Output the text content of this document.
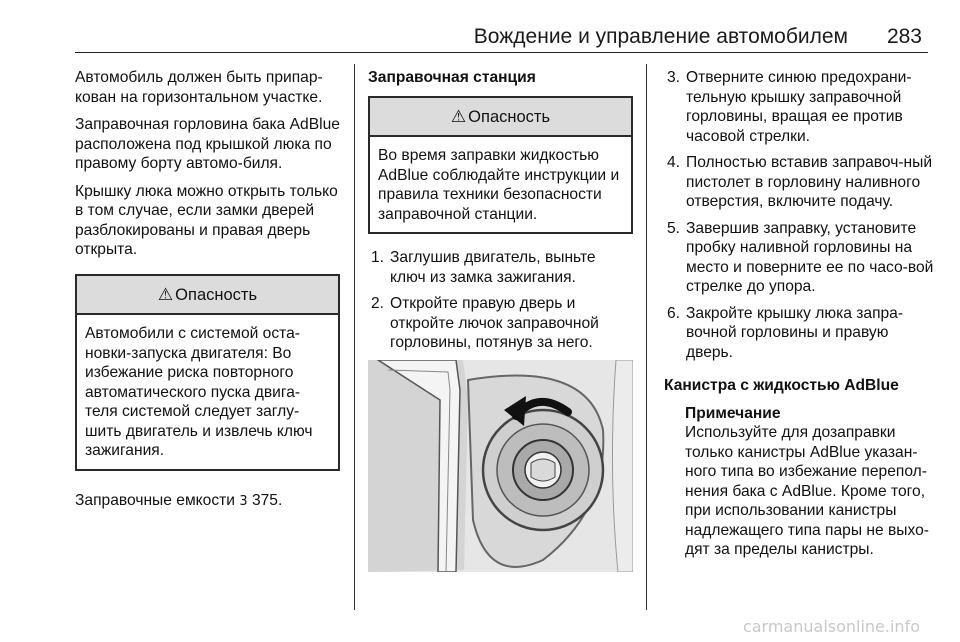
Вождение и управление автомобилем 283

Автомобиль должен быть припар-кован на горизонтальном участке.

Заправочная горловина бака AdBlue расположена под крышкой люка по правому борту автомо-биля.

Крышку люка можно открыть только в том случае, если замки дверей разблокированы и правая дверь открыта.

⚠ Опасность
Автомобили с системой оста-новки-запуска двигателя: Во избежание риска повторного автоматического пуска двига-теля системой следует заглу-шить двигатель и извлечь ключ зажигания.

Заправочные емкости 3 375.

Заправочная станция
⚠ Опасность
Во время заправки жидкостью AdBlue соблюдайте инструкции и правила техники безопасности заправочной станции.
1. Заглушив двигатель, выньте ключ из замка зажигания.
2. Откройте правую дверь и откройте лючок заправочной горловины, потянув за него.
3. Отверните синюю предохрани-тельную крышку заправочной горловины, вращая ее против часовой стрелки.
4. Полностью вставив заправоч-ный пистолет в горловину наливного отверстия, включите подачу.
5. Завершив заправку, установите пробку наливной горловины на место и поверните ее по часо-вой стрелке до упора.
6. Закройте крышку люка запра-вочной горловины и правую дверь.
Канистра с жидкостью AdBlue
Примечание
Используйте для дозаправки только канистры AdBlue указан-ного типа во избежание перепол-нения бака с AdBlue. Кроме того, при использовании канистры надлежащего типа пары не выхо-дят за пределы канистры.
carmanualsonline.info
